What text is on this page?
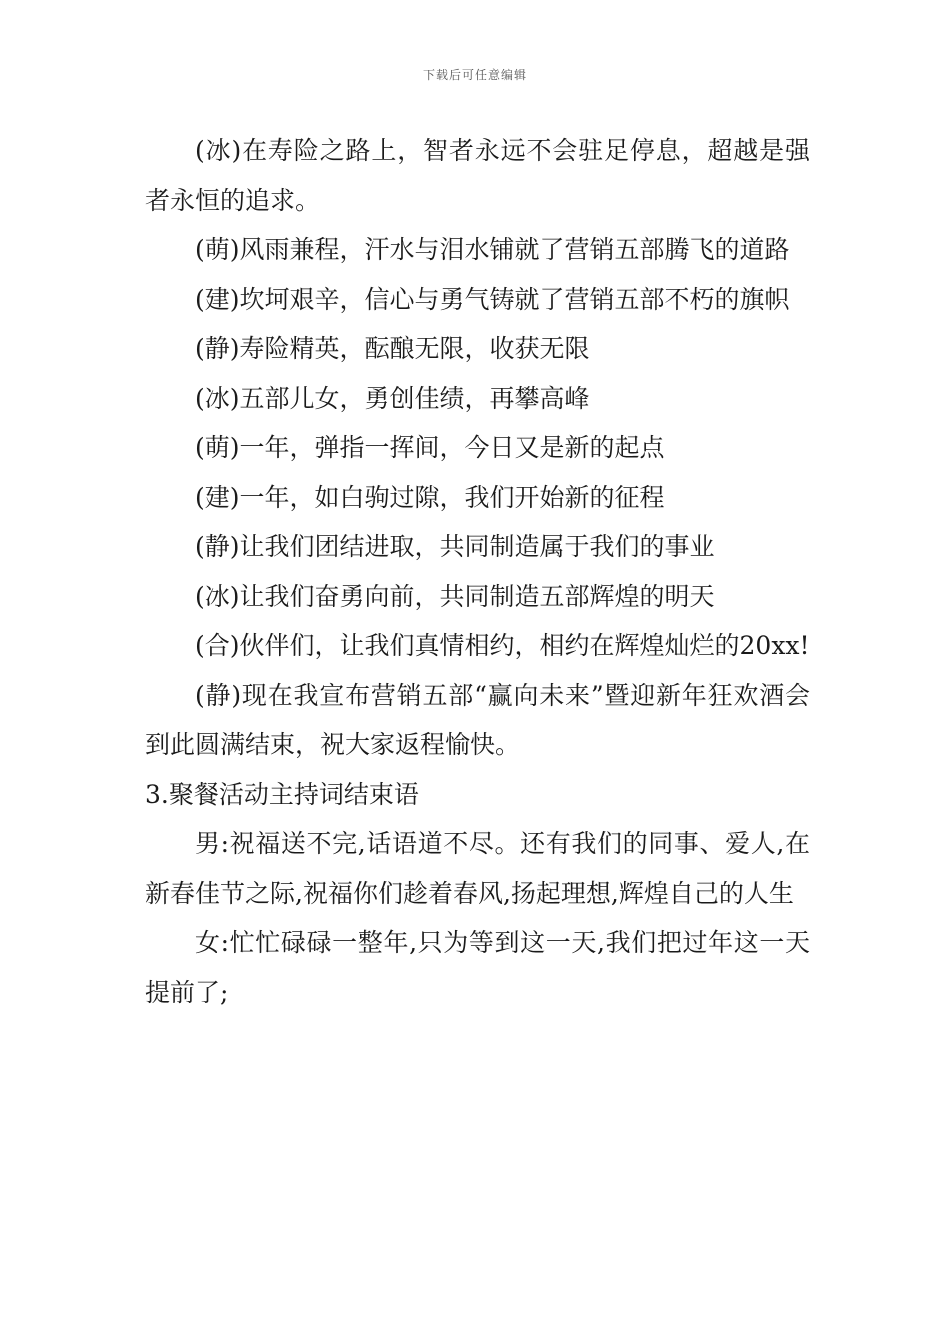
下载后可任意编辑

(冰)在寿险之路上，智者永远不会驻足停息，超越是强者永恒的追求。

(萌)风雨兼程，汗水与泪水铺就了营销五部腾飞的道路

(建)坎坷艰辛，信心与勇气铸就了营销五部不朽的旗帜

(静)寿险精英，酝酿无限，收获无限

(冰)五部儿女，勇创佳绩，再攀高峰

(萌)一年，弹指一挥间，今日又是新的起点

(建)一年，如白驹过隙，我们开始新的征程

(静)让我们团结进取，共同制造属于我们的事业

(冰)让我们奋勇向前，共同制造五部辉煌的明天

(合)伙伴们，让我们真情相约，相约在辉煌灿烂的20xx!

(静)现在我宣布营销五部“赢向未来”暨迎新年狂欢酒会到此圆满结束，祝大家返程愉快。

3.聚餐活动主持词结束语

男:祝福送不完,话语道不尽。还有我们的同事、爱人,在新春佳节之际,祝福你们趁着春风,扬起理想,辉煌自己的人生

女:忙忙碌碌一整年,只为等到这一天,我们把过年这一天提前了;
